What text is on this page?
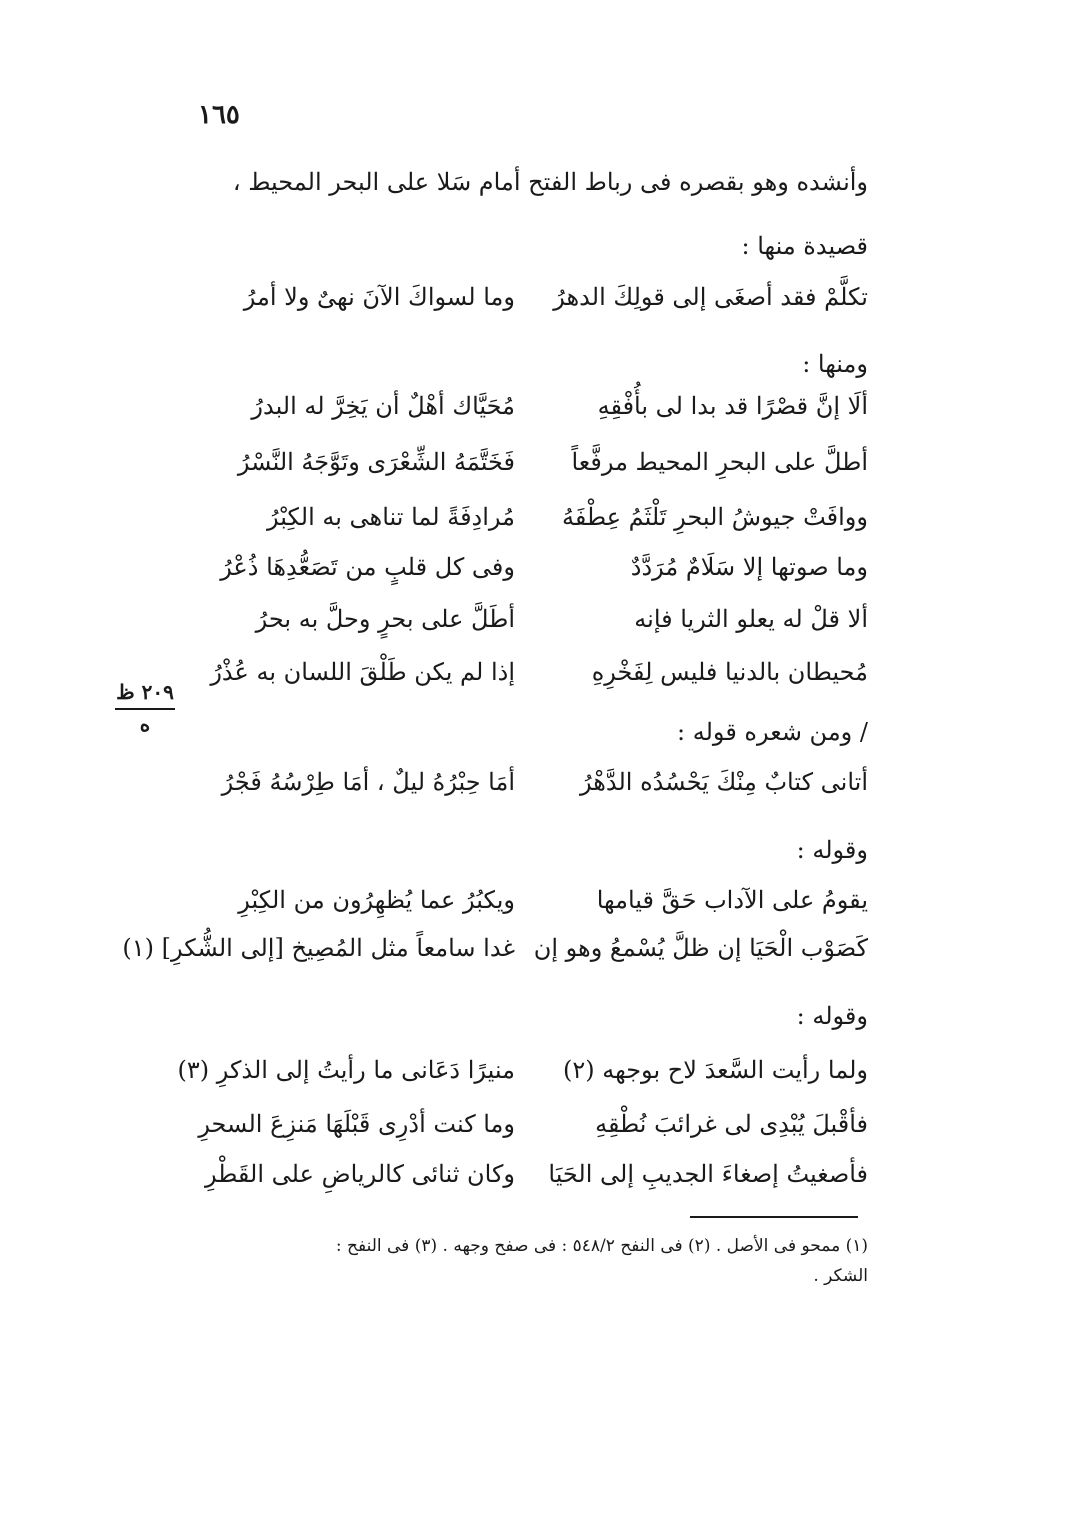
١٦٥
وأنشده وهو بقصره فى رباط الفتح أمام سَلا على البحر المحيط ،
قصيدة منها :
تكلَّمْ فقد أصغَى إلى قولِكَ الدهرُ
وما لسواكَ الآنَ نهىٌ ولا أمرُ
ومنها :
ألَا إنَّ قصْرًا قد بدا لى بأُفْقِهِ
مُحَيَّاك أهْلٌ أن يَخِرَّ له البدرُ
أطلَّ على البحرِ المحيط مرفَّعاً
فَخَتَّمَهُ الشِّعْرَى وتَوَّجَهُ النَّسْرُ
ووافَتْ جيوشُ البحرِ تَلْثَمُ عِطْفَهُ
مُرادِفَةً لما تناهى به الكِبْرُ
وما صوتها إلا سَلَامٌ مُرَدَّدٌ
وفى كل قلبٍ من تَصَعُّدِهَا ذُعْرُ
ألا قلْ له يعلو الثريا فإنه
أطَلَّ على بحرٍ وحلَّ به بحرُ
مُحيطان بالدنيا فليس لِفَخْرِهِ
إذا لم يكن طَلْقَ اللسان به عُذْرُ
٢٠٩ ظ
ه	/ ومن شعره قوله :
أتانى كتابٌ مِنْكَ يَحْسُدُه الدَّهْرُ
أمَا حِبْرُهُ ليلٌ ، أمَا طِرْسُهُ فَجْرُ
وقوله :
يقومُ على الآداب حَقَّ قيامها
ويكبُرُ عما يُظهِرُون من الكِبْرِ
كَصَوْب الْحَيَا إن ظلَّ يُسْمعُ وهو إن
غدا سامعاً مثل المُصِيخ [إلى الشُّكرِ] (١)
وقوله :
ولما رأيت السَّعدَ لاح بوجهه (٢)
منيرًا دَعَانى ما رأيتُ إلى الذكرِ (٣)
فأقْبلَ يُبْدِى لى غرائبَ نُطْقِهِ
وما كنت أدْرِى قَبْلَهَا مَنزِعَ السحرِ
فأصغيتُ إصغاءَ الجديبِ إلى الحَيَا
وكان ثنائى كالرياضِ على القَطْرِ
(١) ممحو فى الأصل . (٢) فى النفح ٥٤٨/٢ : فى صفح وجهه . (٣) فى النفح :
الشكر .
